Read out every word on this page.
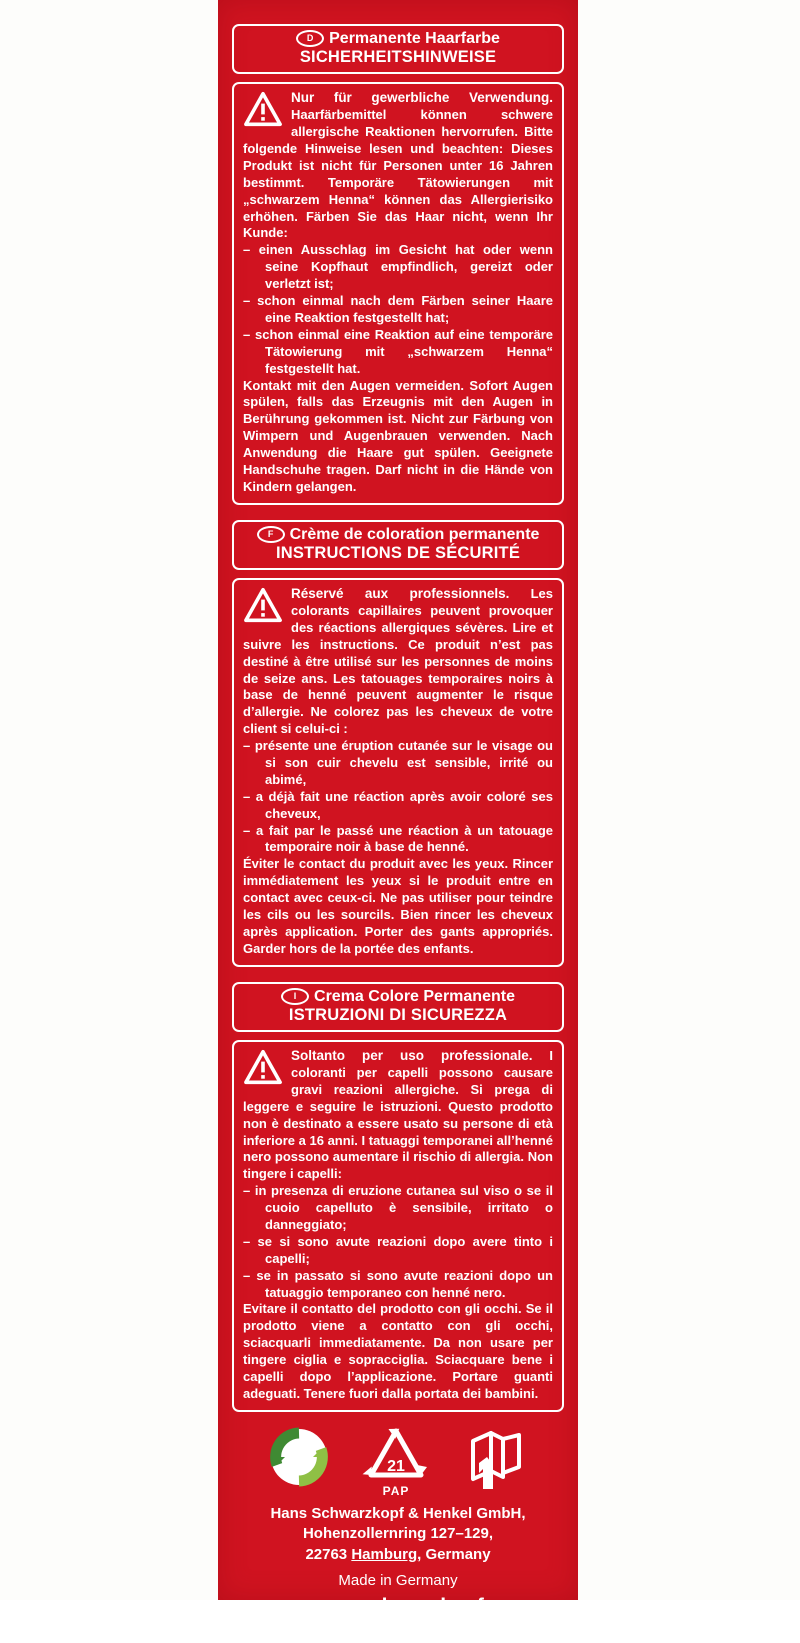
D Permanente Haarfarbe
SICHERHEITSHINWEISE

Nur für gewerbliche Verwendung. Haarfärbemittel können schwere allergische Reaktionen hervorrufen. Bitte folgende Hinweise lesen und beachten: Dieses Produkt ist nicht für Personen unter 16 Jahren bestimmt. Temporäre Tätowierungen mit „schwarzem Henna“ können das Allergierisiko erhöhen. Färben Sie das Haar nicht, wenn Ihr Kunde:

– einen Ausschlag im Gesicht hat oder wenn seine Kopfhaut empfindlich, gereizt oder verletzt ist;

– schon einmal nach dem Färben seiner Haare eine Reaktion festgestellt hat;

– schon einmal eine Reaktion auf eine temporäre Tätowierung mit „schwarzem Henna“ festgestellt hat.

Kontakt mit den Augen vermeiden. Sofort Augen spülen, falls das Erzeugnis mit den Augen in Berührung gekommen ist. Nicht zur Färbung von Wimpern und Augenbrauen verwenden. Nach Anwendung die Haare gut spülen. Geeignete Handschuhe tragen. Darf nicht in die Hände von Kindern gelangen.

F Crème de coloration permanente
INSTRUCTIONS DE SÉCURITÉ

Réservé aux professionnels. Les colorants capillaires peuvent provoquer des réactions allergiques sévères. Lire et suivre les instructions. Ce produit n’est pas destiné à être utilisé sur les personnes de moins de seize ans. Les tatouages temporaires noirs à base de henné peuvent augmenter le risque d’allergie. Ne colorez pas les cheveux de votre client si celui-ci :

– présente une éruption cutanée sur le visage ou si son cuir chevelu est sensible, irrité ou abimé,

– a déjà fait une réaction après avoir coloré ses cheveux,

– a fait par le passé une réaction à un tatouage temporaire noir à base de henné.

Éviter le contact du produit avec les yeux. Rincer immédiatement les yeux si le produit entre en contact avec ceux-ci. Ne pas utiliser pour teindre les cils ou les sourcils. Bien rincer les cheveux après application. Porter des gants appropriés. Garder hors de la portée des enfants.

I Crema Colore Permanente
ISTRUZIONI DI SICUREZZA

Soltanto per uso professionale. I coloranti per capelli possono causare gravi reazioni allergiche. Si prega di leggere e seguire le istruzioni. Questo prodotto non è destinato a essere usato su persone di età inferiore a 16 anni. I tatuaggi temporanei all’henné nero possono aumentare il rischio di allergia. Non tingere i capelli:

– in presenza di eruzione cutanea sul viso o se il cuoio capelluto è sensibile, irritato o danneggiato;

– se si sono avute reazioni dopo avere tinto i capelli;

– se in passato si sono avute reazioni dopo un tatuaggio temporaneo con henné nero.

Evitare il contatto del prodotto con gli occhi. Se il prodotto viene a contatto con gli occhi, sciacquarli immediatamente. Da non usare per tingere ciglia e sopracciglia. Sciacquare bene i capelli dopo l’applicazione. Portare guanti adeguati. Tenere fuori dalla portata dei bambini.

21
PAP
Hans Schwarzkopf & Henkel GmbH,
Hohenzollernring 127–129,
22763 Hamburg, Germany
Made in Germany
www.schwarzkopf-professional.com
